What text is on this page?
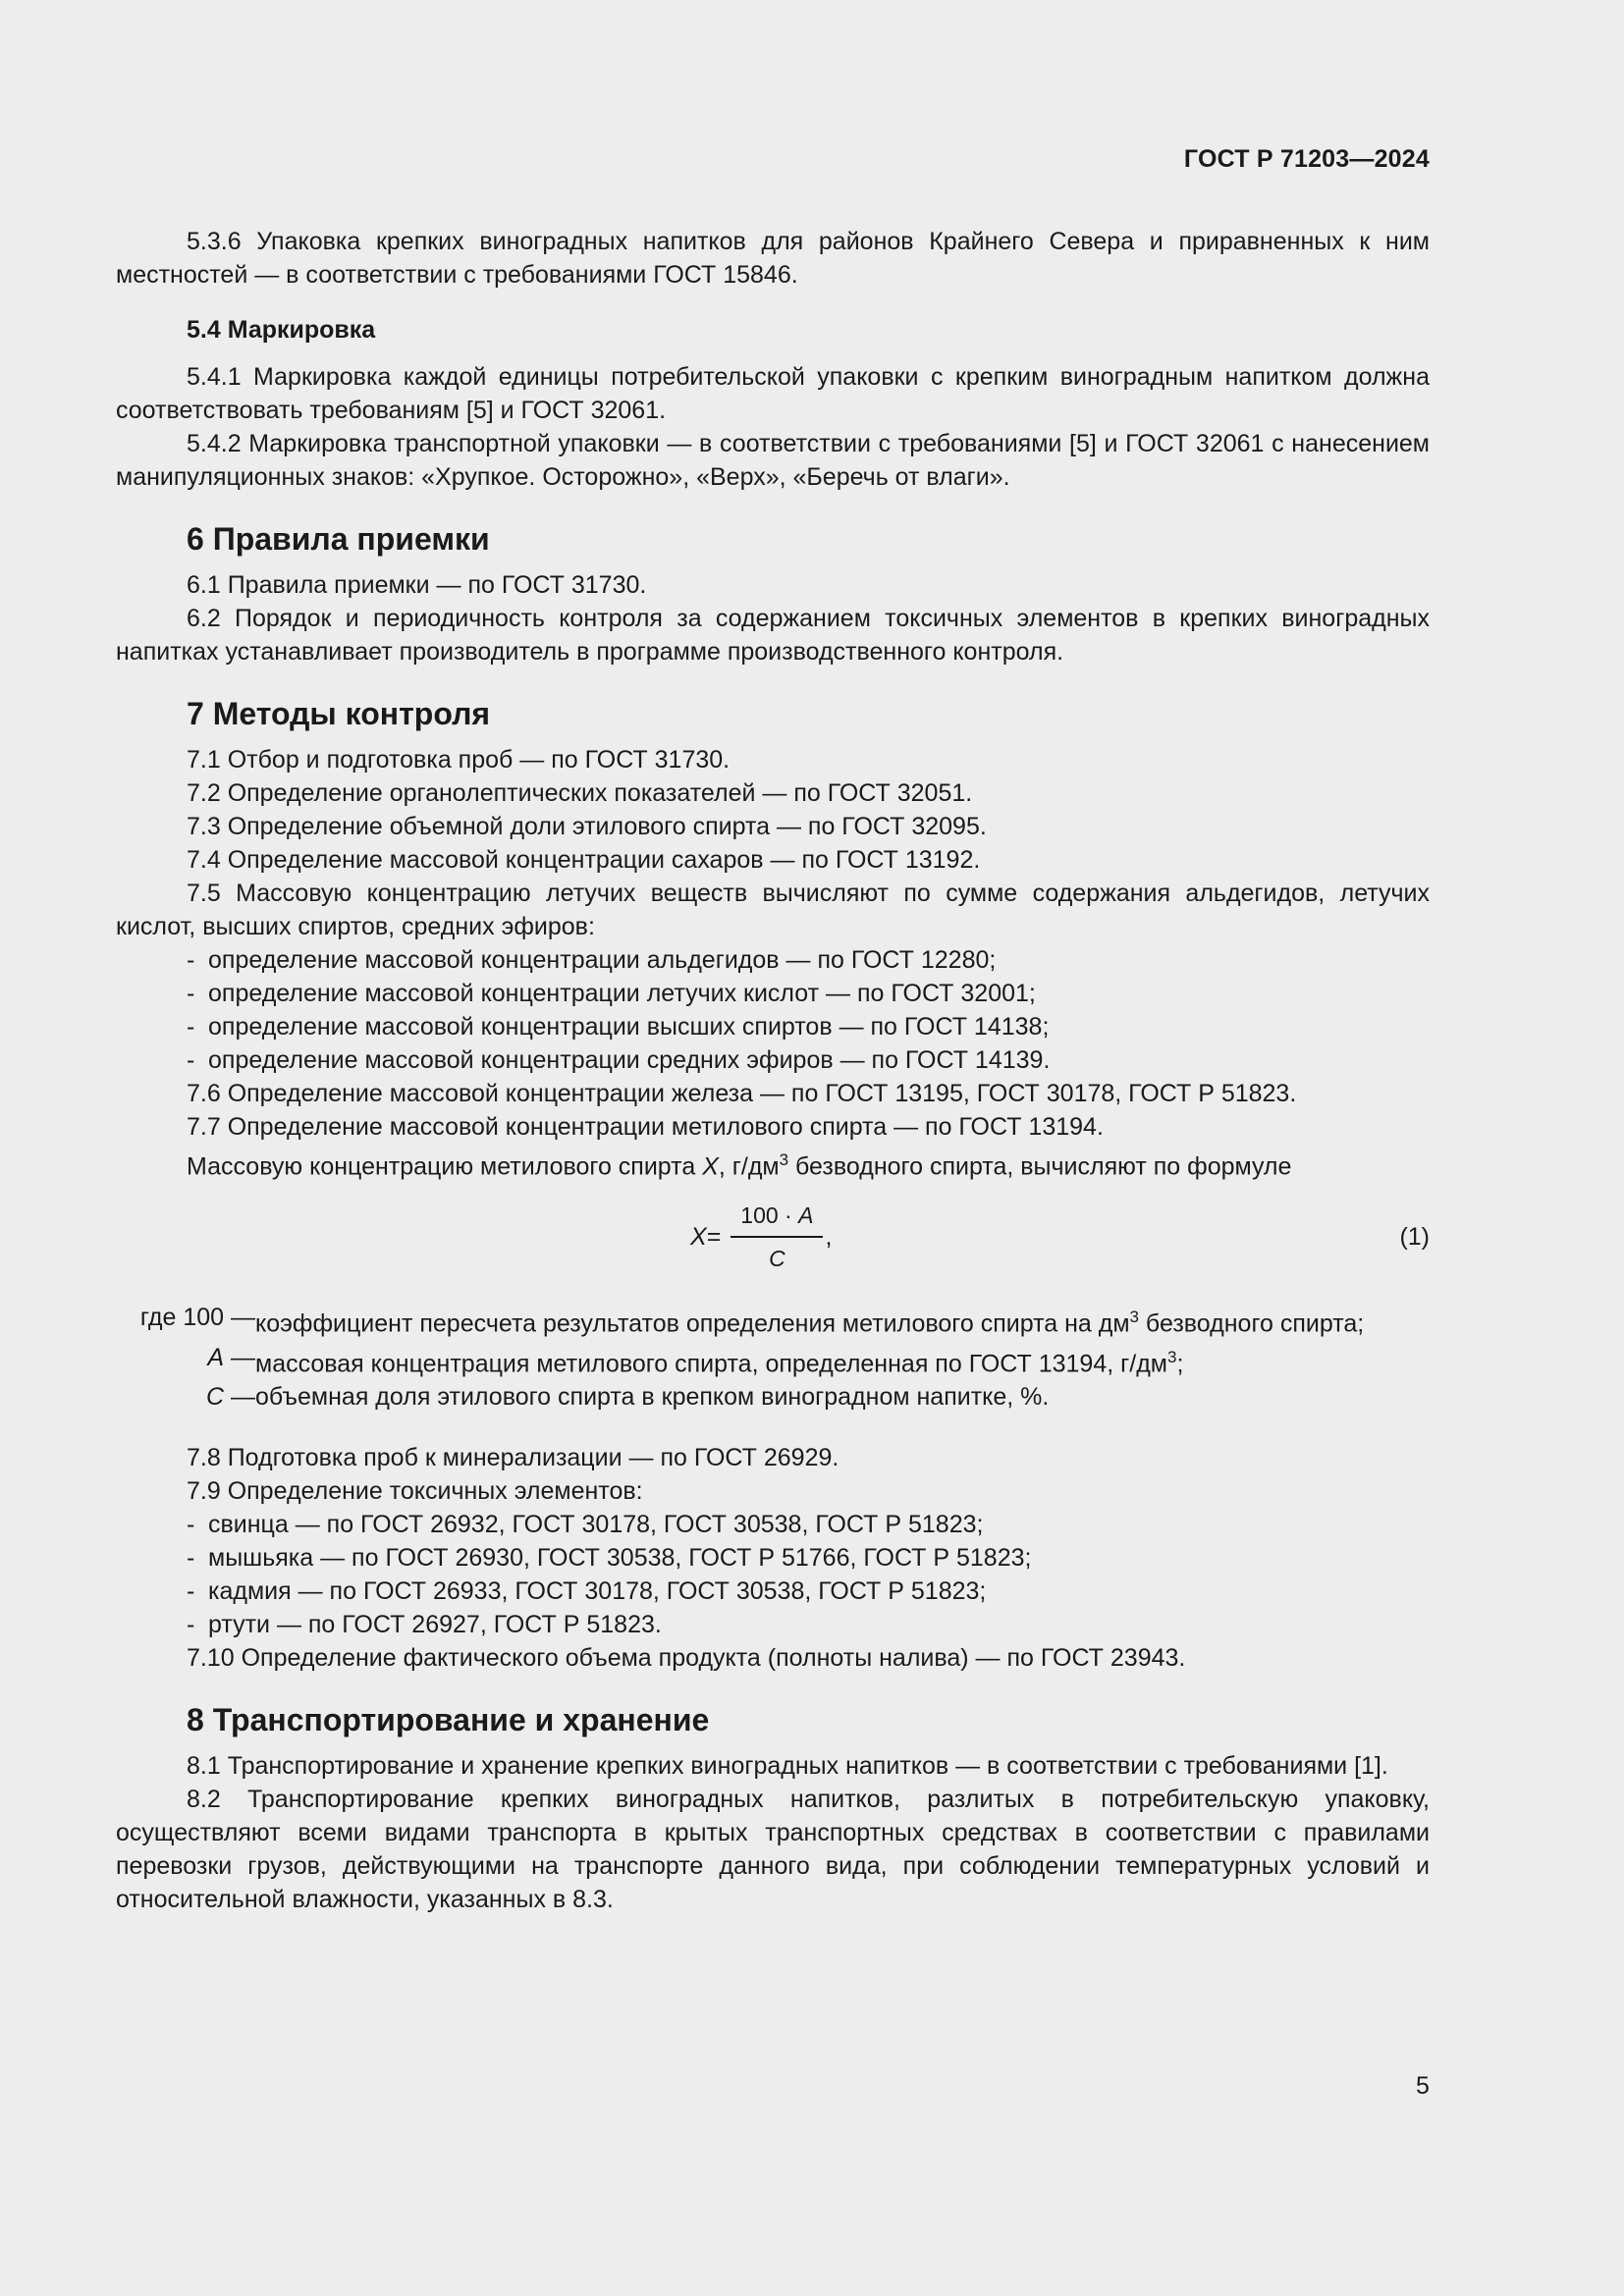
ГОСТ Р 71203—2024

5.3.6 Упаковка крепких виноградных напитков для районов Крайнего Севера и приравненных к ним местностей — в соответствии с требованиями ГОСТ 15846.

5.4 Маркировка

5.4.1 Маркировка каждой единицы потребительской упаковки с крепким виноградным напитком должна соответствовать требованиям [5] и ГОСТ 32061.

5.4.2 Маркировка транспортной упаковки — в соответствии с требованиями [5] и ГОСТ 32061 с нанесением манипуляционных знаков: «Хрупкое. Осторожно», «Верх», «Беречь от влаги».

6 Правила приемки

6.1 Правила приемки — по ГОСТ 31730.

6.2 Порядок и периодичность контроля за содержанием токсичных элементов в крепких виноградных напитках устанавливает производитель в программе производственного контроля.

7 Методы контроля

7.1 Отбор и подготовка проб — по ГОСТ 31730.

7.2 Определение органолептических показателей — по ГОСТ 32051.

7.3 Определение объемной доли этилового спирта — по ГОСТ 32095.

7.4 Определение массовой концентрации сахаров — по ГОСТ 13192.

7.5 Массовую концентрацию летучих веществ вычисляют по сумме содержания альдегидов, летучих кислот, высших спиртов, средних эфиров:

- определение массовой концентрации альдегидов — по ГОСТ 12280;
- определение массовой концентрации летучих кислот — по ГОСТ 32001;
- определение массовой концентрации высших спиртов — по ГОСТ 14138;
- определение массовой концентрации средних эфиров — по ГОСТ 14139.

7.6 Определение массовой концентрации железа — по ГОСТ 13195, ГОСТ 30178, ГОСТ Р 51823.

7.7 Определение массовой концентрации метилового спирта — по ГОСТ 13194.

Массовую концентрацию метилового спирта X, $г/дм^3$ безводного спирта, вычисляют по формуле

$X = \frac{100 \cdot A}{C}$ ,	(1)
где 100 — коэффициент пересчета результатов определения метилового спирта на $дм^3$ безводного спирта;
A — массовая концентрация метилового спирта, определенная по ГОСТ 13194, $г/дм^3$;
C — объемная доля этилового спирта в крепком виноградном напитке, %.

7.8 Подготовка проб к минерализации — по ГОСТ 26929.

7.9 Определение токсичных элементов:

- свинца — по ГОСТ 26932, ГОСТ 30178, ГОСТ 30538, ГОСТ Р 51823;
- мышьяка — по ГОСТ 26930, ГОСТ 30538, ГОСТ Р 51766, ГОСТ Р 51823;
- кадмия — по ГОСТ 26933, ГОСТ 30178, ГОСТ 30538, ГОСТ Р 51823;
- ртути — по ГОСТ 26927, ГОСТ Р 51823.

7.10 Определение фактического объема продукта (полноты налива) — по ГОСТ 23943.

8 Транспортирование и хранение

8.1 Транспортирование и хранение крепких виноградных напитков — в соответствии с требованиями [1].

8.2 Транспортирование крепких виноградных напитков, разлитых в потребительскую упаковку, осуществляют всеми видами транспорта в крытых транспортных средствах в соответствии с правилами перевозки грузов, действующими на транспорте данного вида, при соблюдении температурных условий и относительной влажности, указанных в 8.3.

5
